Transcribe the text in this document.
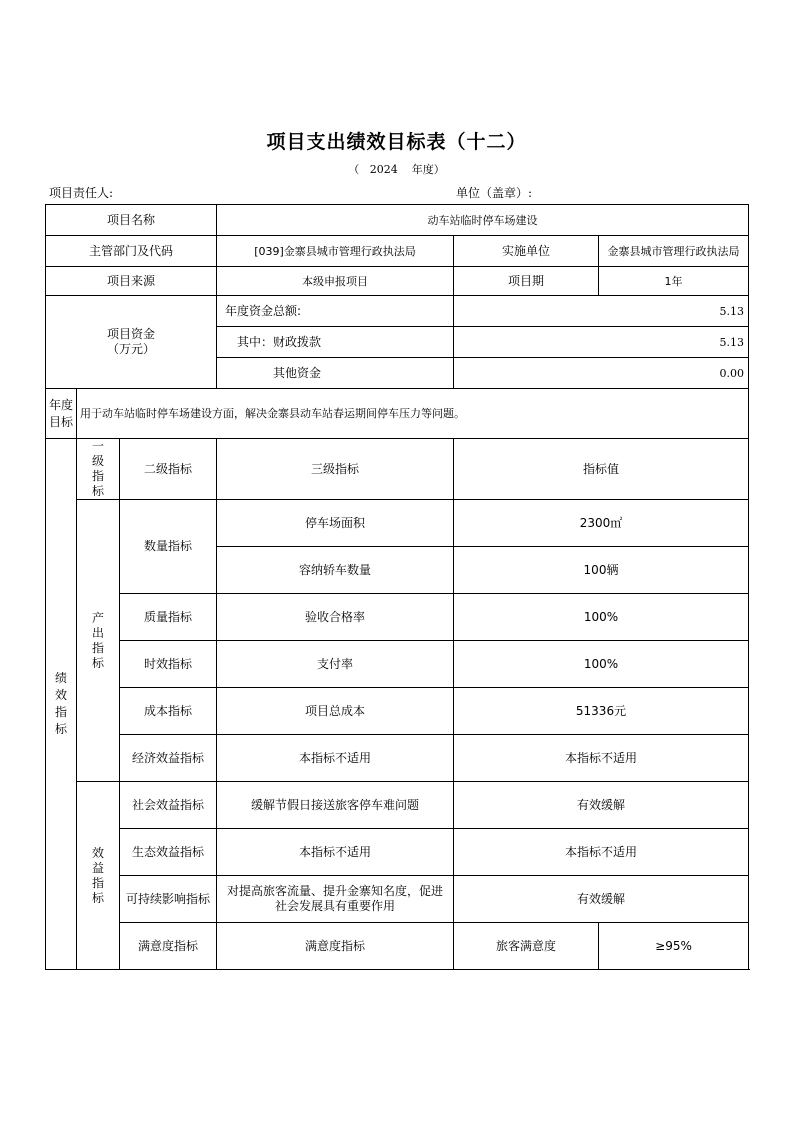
项目支出绩效目标表（十二）
（ 2024 年度）
项目责任人:	单位（盖章）:
项目名称			动车站临时停车场建设		
主管部门及代码			[039]金寨县城市管理行政执法局	实施单位	金寨县城市管理行政执法局
项目来源			本级申报项目	项目期	1年

项目资金
（万元）			年度资金总额:	5.13	
			其中：财政拨款	5.13	
			其他资金	0.00	

年度
目标	用于动车站临时停车场建设方面，解决金寨县动车站春运期间停车压力等问题。				

绩
效
指
标	一级指标	二级指标	三级指标	指标值	
	产出指标	数量指标	停车场面积	2300㎡	
			容纳轿车数量	100辆	
		质量指标	验收合格率	100%	
		时效指标	支付率	100%	
		成本指标	项目总成本	51336元	
		经济效益指标	本指标不适用	本指标不适用	
	效益指标	社会效益指标	缓解节假日接送旅客停车难问题	有效缓解	
		生态效益指标	本指标不适用	本指标不适用	
		可持续影响指标	对提高旅客流量、提升金寨知名度，促进社会发展具有重要作用	有效缓解	
		满意度指标	满意度指标	旅客满意度	≥95%
